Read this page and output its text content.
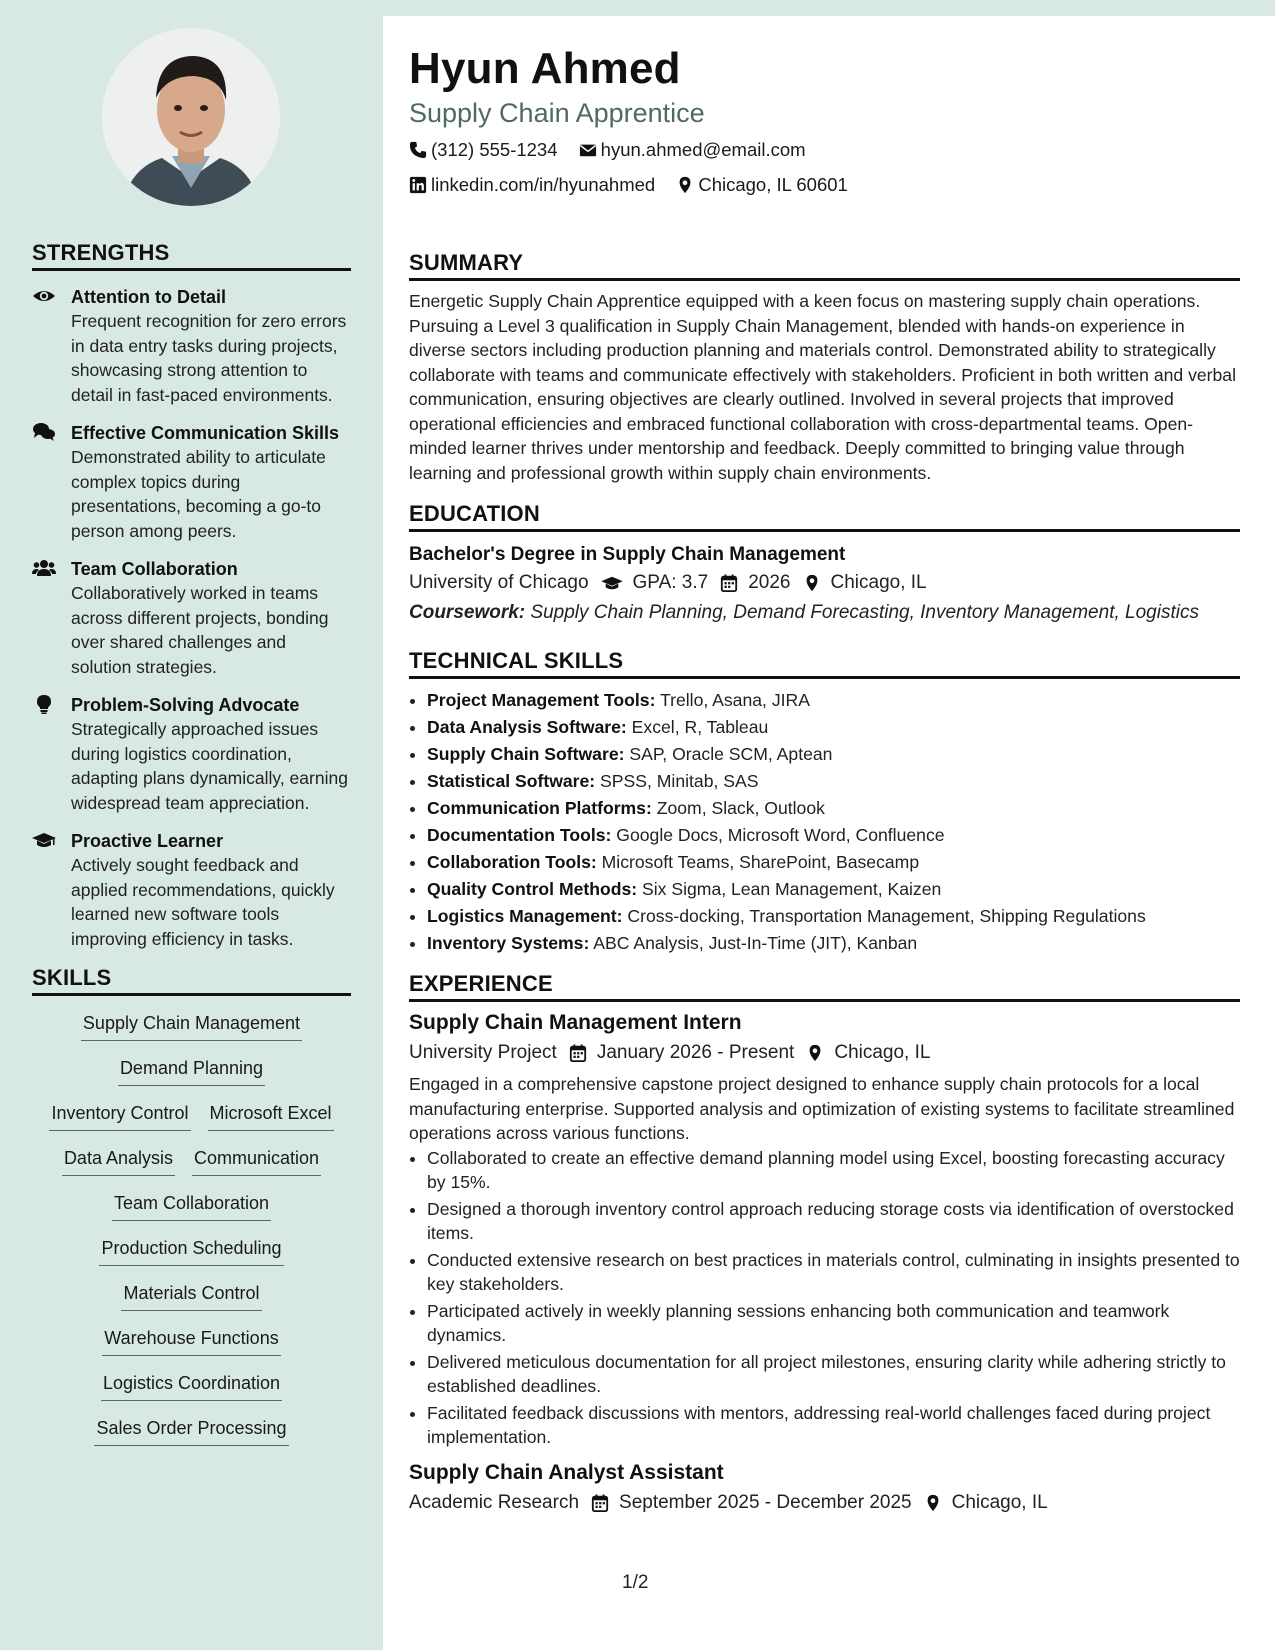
STRENGTHS
Attention to Detail
Frequent recognition for zero errors in data entry tasks during projects, showcasing strong attention to detail in fast-paced environments.
Effective Communication Skills
Demonstrated ability to articulate complex topics during presentations, becoming a go-to person among peers.
Team Collaboration
Collaboratively worked in teams across different projects, bonding over shared challenges and solution strategies.
Problem-Solving Advocate
Strategically approached issues during logistics coordination, adapting plans dynamically, earning widespread team appreciation.
Proactive Learner
Actively sought feedback and applied recommendations, quickly learned new software tools improving efficiency in tasks.
SKILLS
Supply Chain Management
Demand Planning
Inventory Control Microsoft Excel
Data Analysis Communication
Team Collaboration
Production Scheduling
Materials Control
Warehouse Functions
Logistics Coordination
Sales Order Processing
Hyun Ahmed
Supply Chain Apprentice
(312) 555-1234
hyun.ahmed@email.com
linkedin.com/in/hyunahmed
Chicago, IL 60601
SUMMARY
Energetic Supply Chain Apprentice equipped with a keen focus on mastering supply chain operations. Pursuing a Level 3 qualification in Supply Chain Management, blended with hands-on experience in diverse sectors including production planning and materials control. Demonstrated ability to strategically collaborate with teams and communicate effectively with stakeholders. Proficient in both written and verbal communication, ensuring objectives are clearly outlined. Involved in several projects that improved operational efficiencies and embraced functional collaboration with cross-departmental teams. Open-minded learner thrives under mentorship and feedback. Deeply committed to bringing value through learning and professional growth within supply chain environments.
EDUCATION
Bachelor's Degree in Supply Chain Management
University of Chicago GPA: 3.7 2026 Chicago, IL
Coursework: Supply Chain Planning, Demand Forecasting, Inventory Management, Logistics
TECHNICAL SKILLS
• Project Management Tools: Trello, Asana, JIRA
• Data Analysis Software: Excel, R, Tableau
• Supply Chain Software: SAP, Oracle SCM, Aptean
• Statistical Software: SPSS, Minitab, SAS
• Communication Platforms: Zoom, Slack, Outlook
• Documentation Tools: Google Docs, Microsoft Word, Confluence
• Collaboration Tools: Microsoft Teams, SharePoint, Basecamp
• Quality Control Methods: Six Sigma, Lean Management, Kaizen
• Logistics Management: Cross-docking, Transportation Management, Shipping Regulations
• Inventory Systems: ABC Analysis, Just-In-Time (JIT), Kanban
EXPERIENCE
Supply Chain Management Intern
University Project January 2026 - Present Chicago, IL
Engaged in a comprehensive capstone project designed to enhance supply chain protocols for a local manufacturing enterprise. Supported analysis and optimization of existing systems to facilitate streamlined operations across various functions.
• Collaborated to create an effective demand planning model using Excel, boosting forecasting accuracy by 15%.
• Designed a thorough inventory control approach reducing storage costs via identification of overstocked items.
• Conducted extensive research on best practices in materials control, culminating in insights presented to key stakeholders.
• Participated actively in weekly planning sessions enhancing both communication and teamwork dynamics.
• Delivered meticulous documentation for all project milestones, ensuring clarity while adhering strictly to established deadlines.
• Facilitated feedback discussions with mentors, addressing real-world challenges faced during project implementation.
Supply Chain Analyst Assistant
Academic Research September 2025 - December 2025 Chicago, IL
1/2
